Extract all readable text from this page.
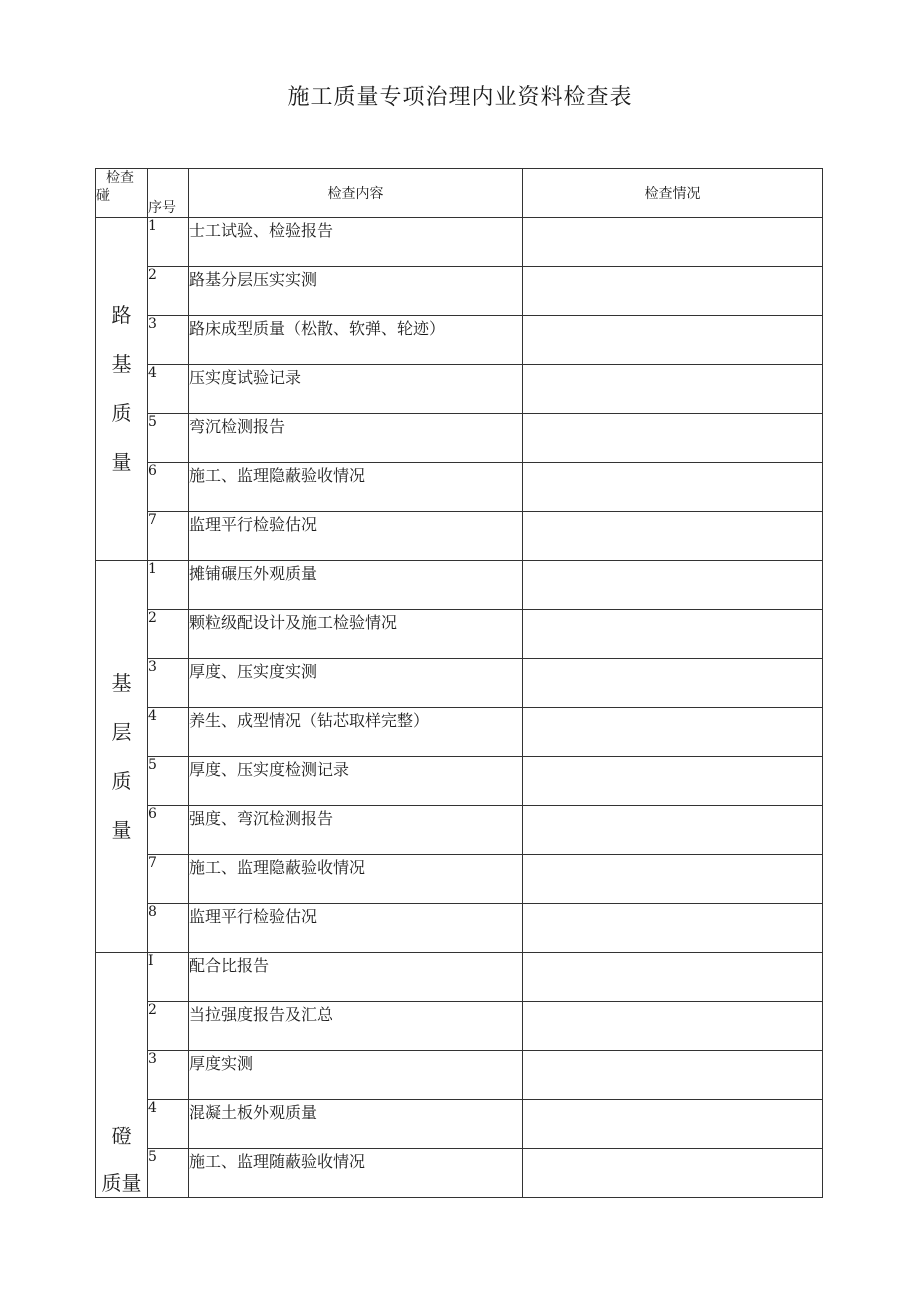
施工质量专项治理内业资料检查表
检查
碰	序号	检查内容	检查情况
路基质量	1	士工试验、检验报告	
	2	路基分层压实实测	
	3	路床成型质量（松散、软弹、轮迹）	
	4	压实度试验记录	
	5	弯沉检测报告	
	6	施工、监理隐蔽验收情况	
	7	监理平行检验估况	
基层质量	1	摊铺碾压外观质量	
	2	颗粒级配设计及施工检验情况	
	3	厚度、压实度实测	
	4	养生、成型情况（钻芯取样完整）	
	5	厚度、压实度检测记录	
	6	强度、弯沉检测报告	
	7	施工、监理隐蔽验收情况	
	8	监理平行检验估况	

磴
质量	I	配合比报告	
	2	当拉强度报告及汇总	
	3	厚度实测	
	4	混凝土板外观质量	
	5	施工、监理随蔽验收情况	
